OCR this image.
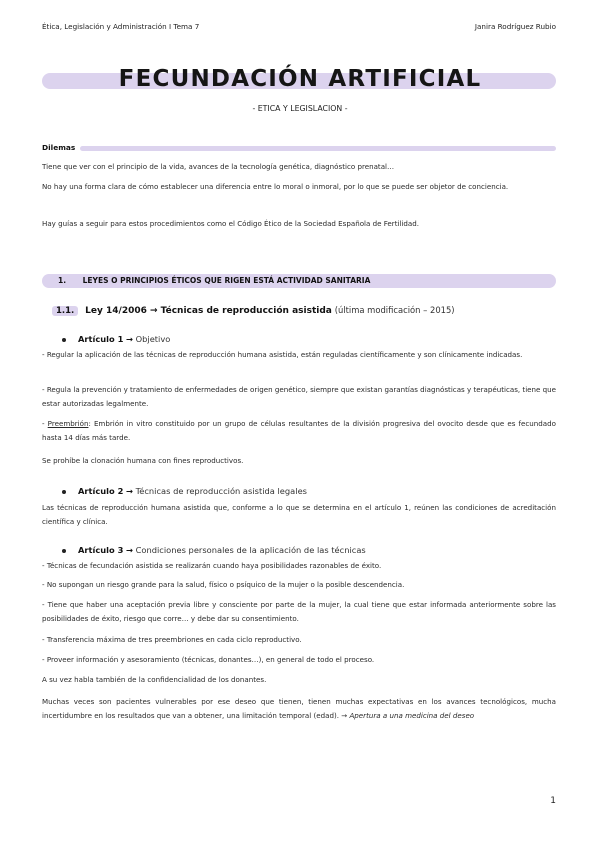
Ética, Legislación y Administración I Tema 7	Janira Rodríguez Rubio
FECUNDACIÓN ARTIFICIAL
- ETICA Y LEGISLACION -
Dilemas
Tiene que ver con el principio de la vida, avances de la tecnología genética, diagnóstico prenatal…
No hay una forma clara de cómo establecer una diferencia entre lo moral o inmoral, por lo que se puede ser objetor de conciencia.
Hay guías a seguir para estos procedimientos como el Código Ético de la Sociedad Española de Fertilidad.
1. LEYES O PRINCIPIOS ÉTICOS QUE RIGEN ESTÁ ACTIVIDAD SANITARIA
1.1. Ley 14/2006 → Técnicas de reproducción asistida (última modificación – 2015)
Artículo 1 → Objetivo
- Regular la aplicación de las técnicas de reproducción humana asistida, están reguladas científicamente y son clínicamente indicadas.
- Regula la prevención y tratamiento de enfermedades de origen genético, siempre que existan garantías diagnósticas y terapéuticas, tiene que estar autorizadas legalmente.
- Preembrión: Embrión in vitro constituido por un grupo de células resultantes de la división progresiva del ovocito desde que es fecundado hasta 14 días más tarde.
Se prohíbe la clonación humana con fines reproductivos.
Artículo 2 → Técnicas de reproducción asistida legales
Las técnicas de reproducción humana asistida que, conforme a lo que se determina en el artículo 1, reúnen las condiciones de acreditación científica y clínica.
Artículo 3 → Condiciones personales de la aplicación de las técnicas
- Técnicas de fecundación asistida se realizarán cuando haya posibilidades razonables de éxito.
- No supongan un riesgo grande para la salud, físico o psíquico de la mujer o la posible descendencia.
- Tiene que haber una aceptación previa libre y consciente por parte de la mujer, la cual tiene que estar informada anteriormente sobre las posibilidades de éxito, riesgo que corre… y debe dar su consentimiento.
- Transferencia máxima de tres preembriones en cada ciclo reproductivo.
- Proveer información y asesoramiento (técnicas, donantes…), en general de todo el proceso.
A su vez habla también de la confidencialidad de los donantes.
Muchas veces son pacientes vulnerables por ese deseo que tienen, tienen muchas expectativas en los avances tecnológicos, mucha incertidumbre en los resultados que van a obtener, una limitación temporal (edad). → Apertura a una medicina del deseo
1
